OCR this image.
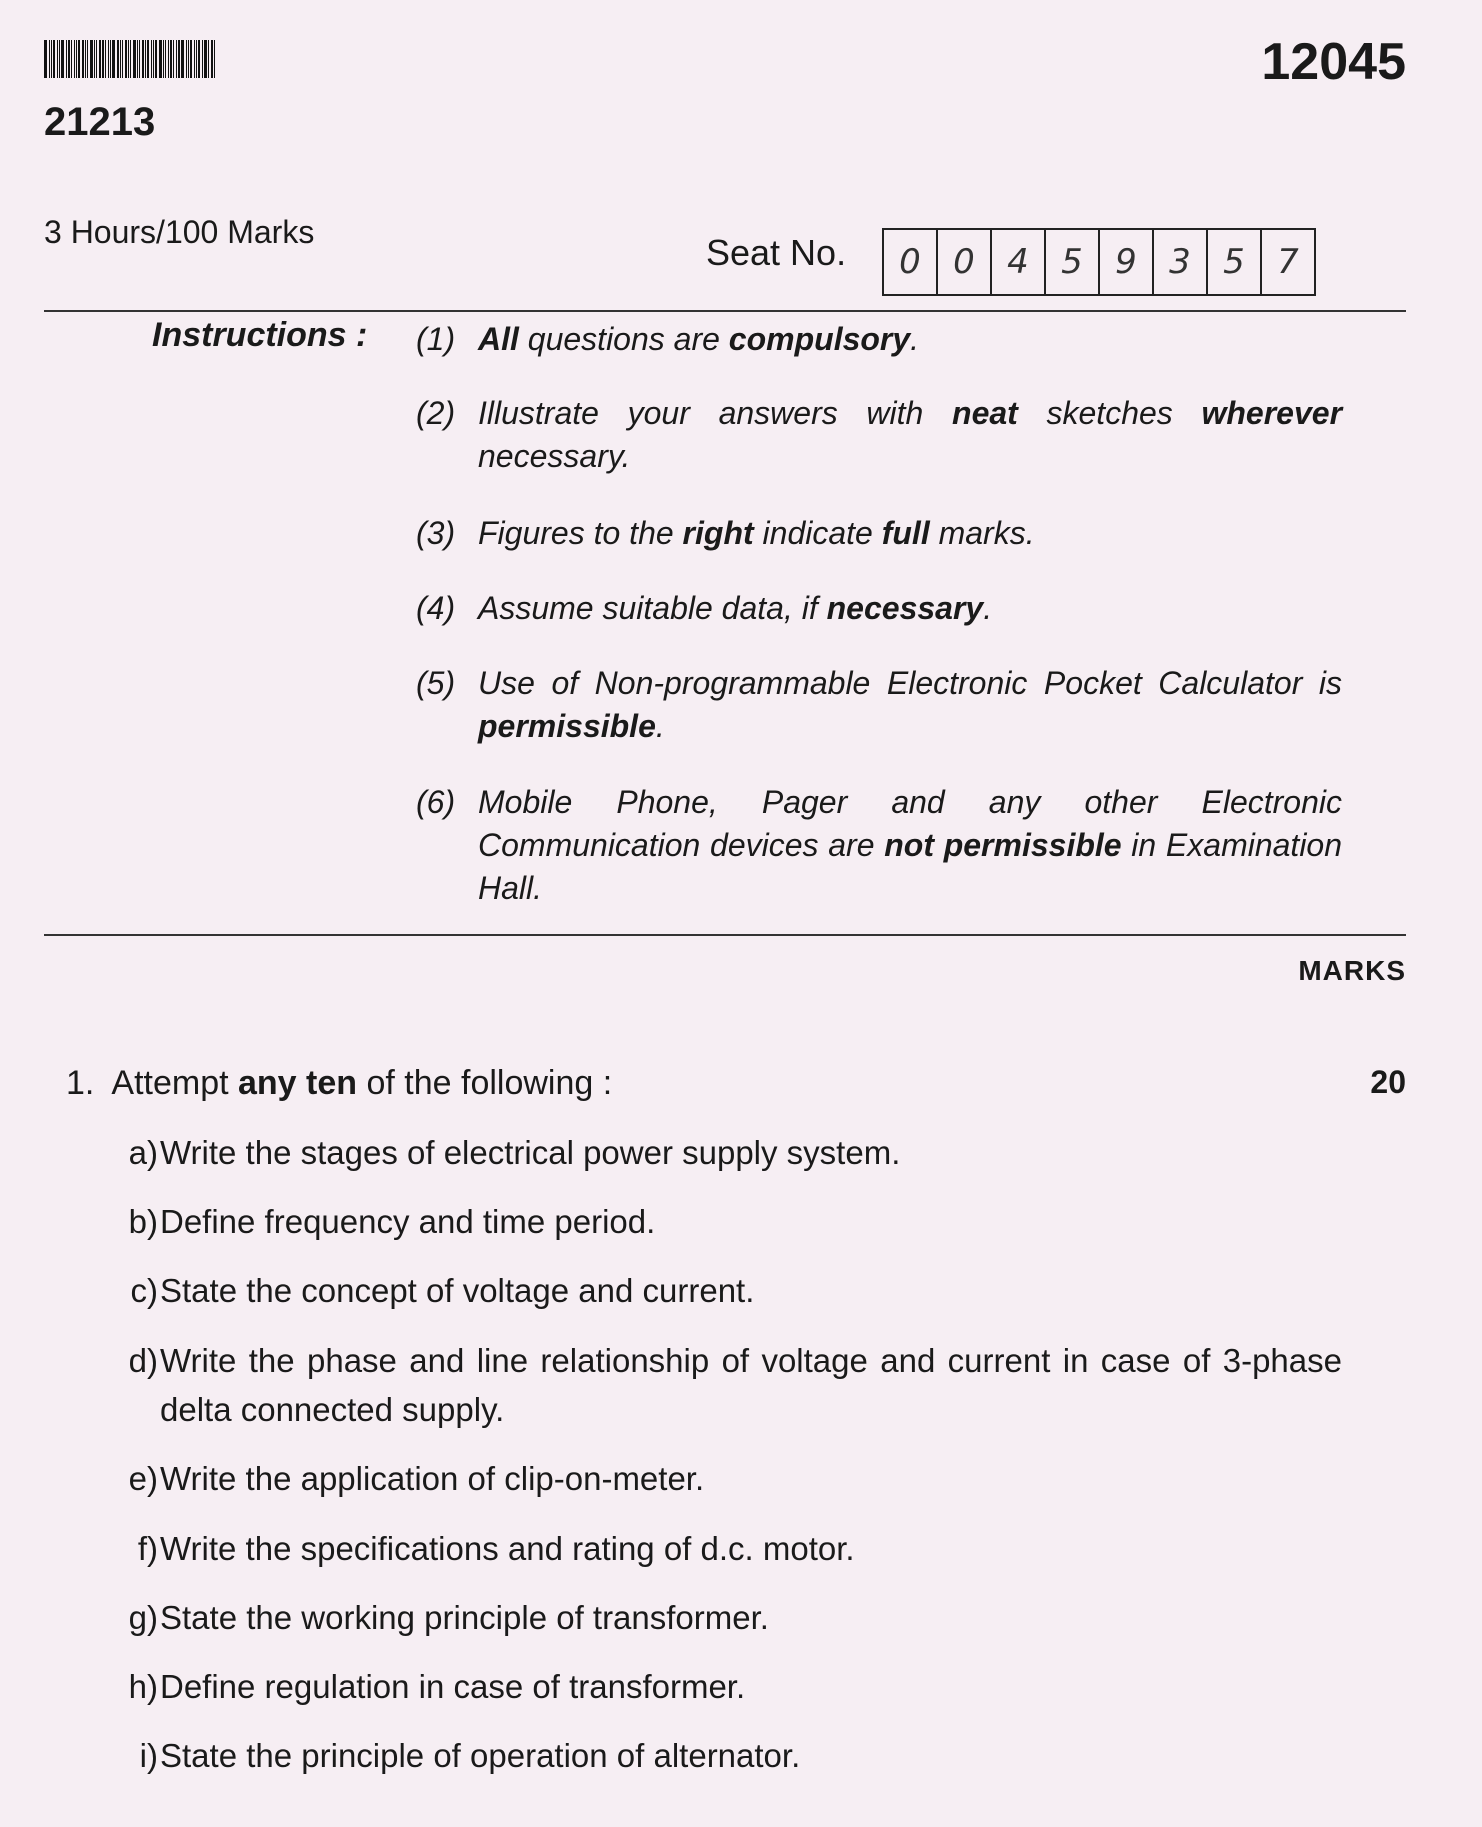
21213
12045
3 Hours/100 Marks	Seat No.	0 0 4 5 9 3 5 7
Instructions : (1) All questions are compulsory.
(2) Illustrate your answers with neat sketches wherever necessary.
(3) Figures to the right indicate full marks.
(4) Assume suitable data, if necessary.
(5) Use of Non-programmable Electronic Pocket Calculator is permissible.
(6) Mobile Phone, Pager and any other Electronic Communication devices are not permissible in Examination Hall.
MARKS
1. Attempt any ten of the following :	20
a) Write the stages of electrical power supply system.
b) Define frequency and time period.
c) State the concept of voltage and current.
d) Write the phase and line relationship of voltage and current in case of 3-phase delta connected supply.
e) Write the application of clip-on-meter.
f) Write the specifications and rating of d.c. motor.
g) State the working principle of transformer.
h) Define regulation in case of transformer.
i) State the principle of operation of alternator.
